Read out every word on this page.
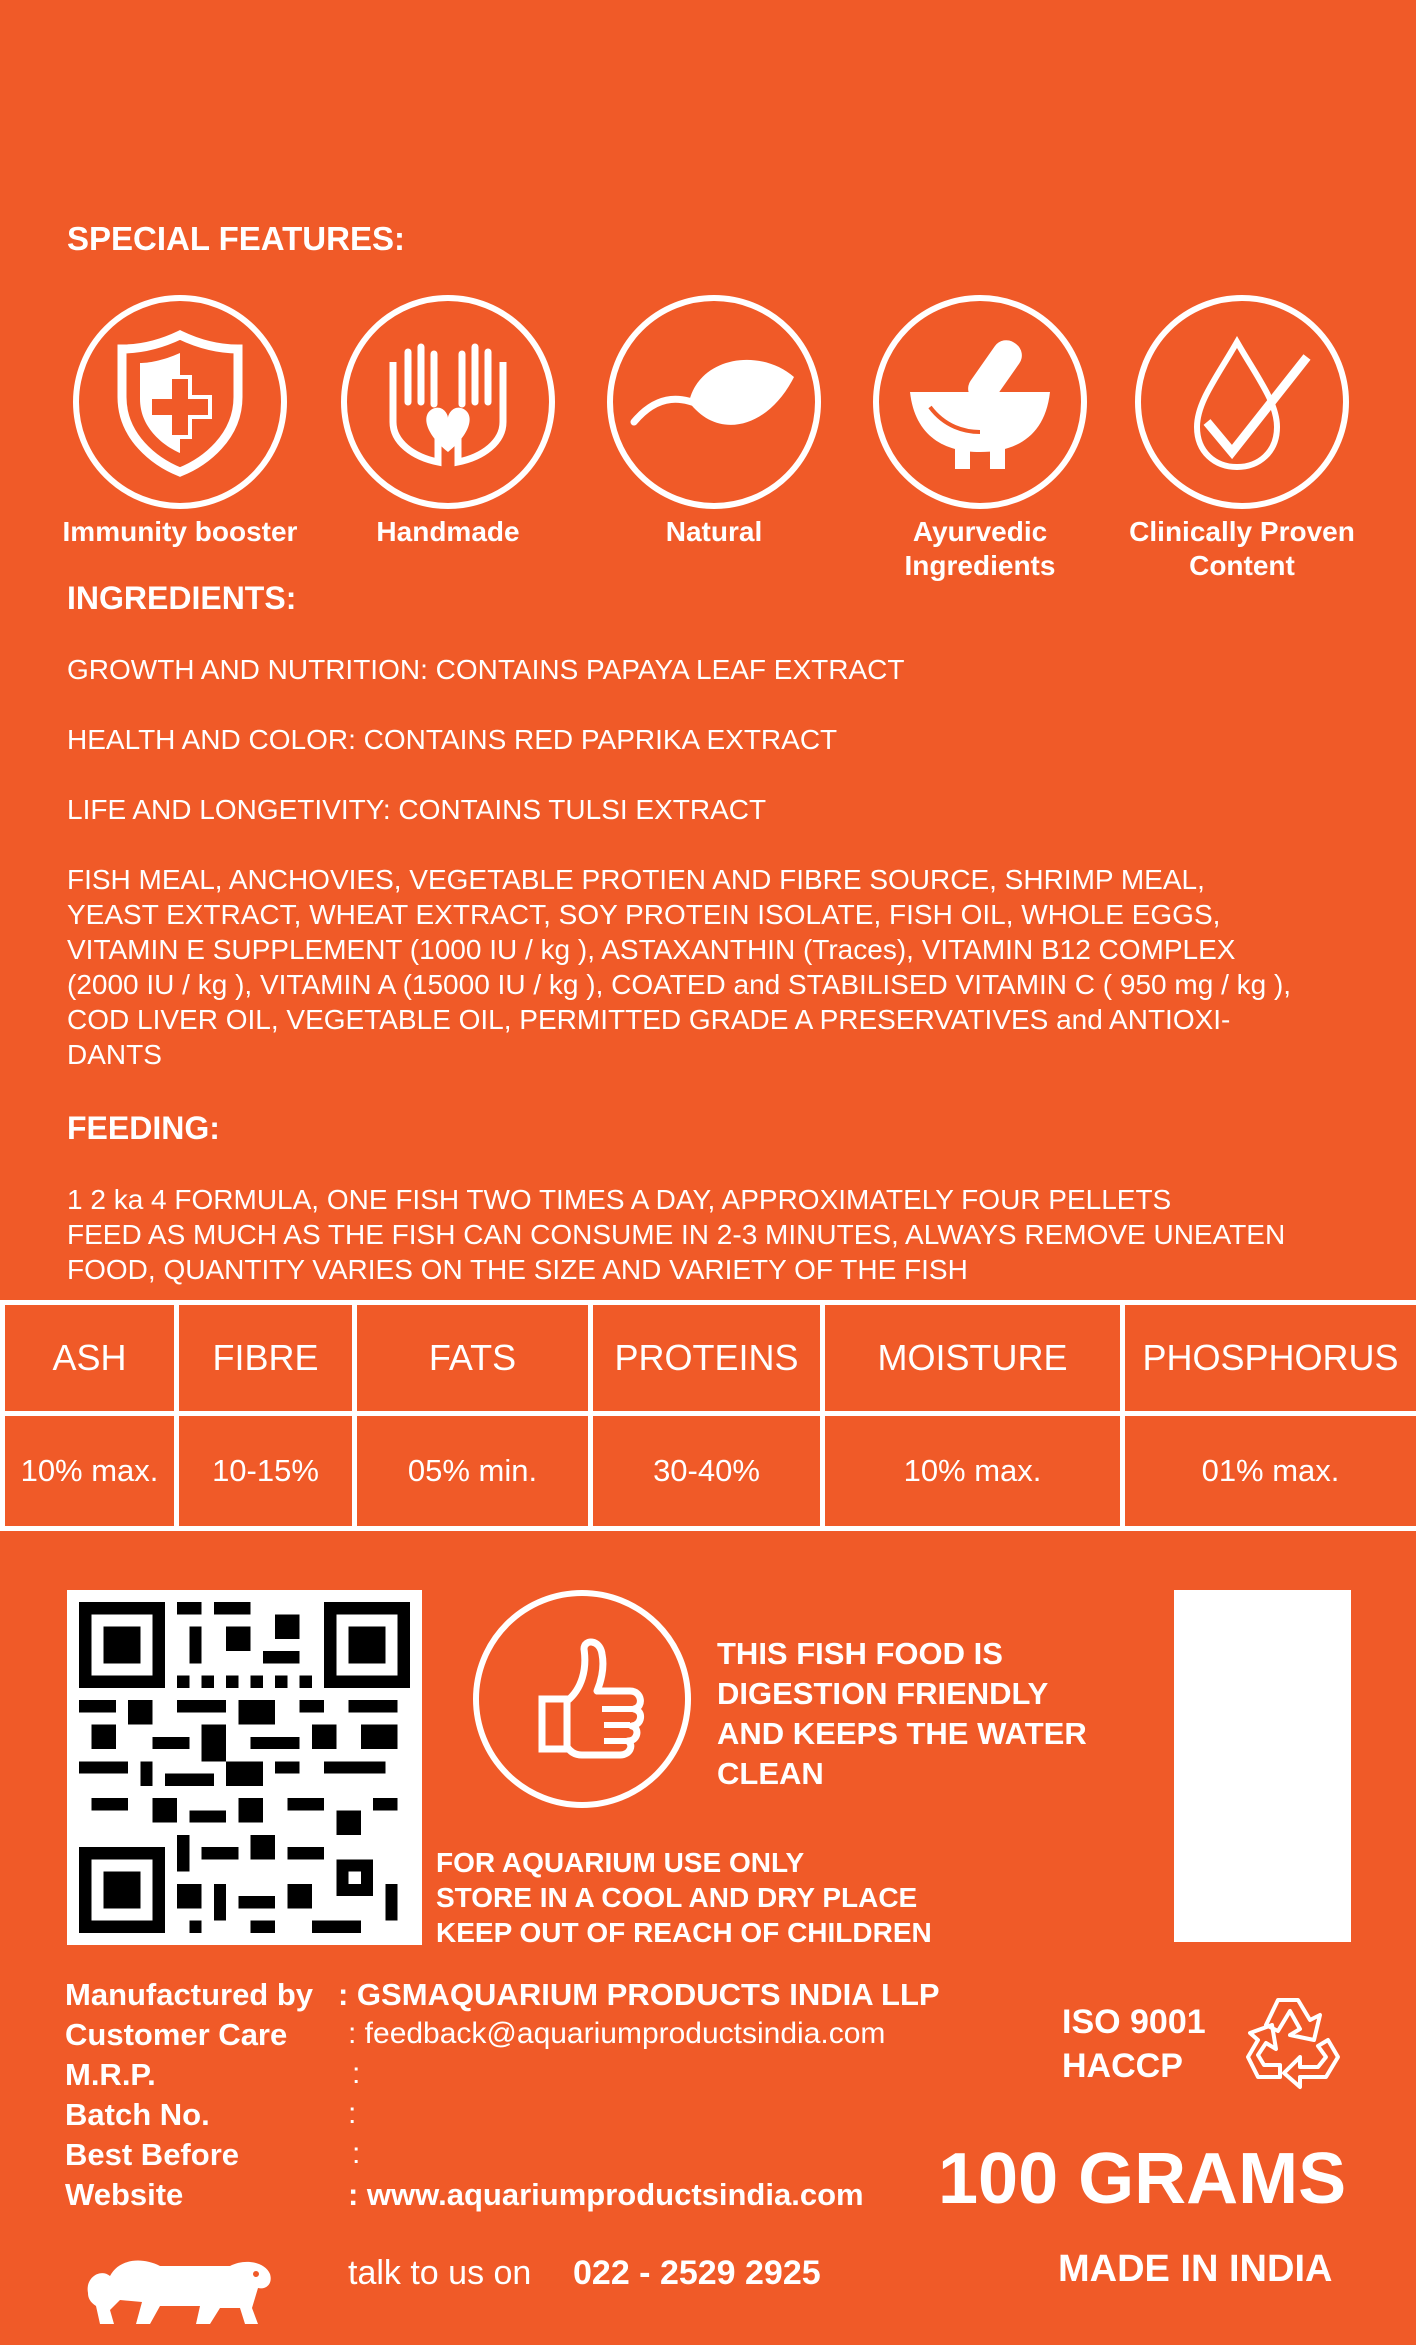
SPECIAL FEATURES:
Immunity booster	Handmade	Natural	Ayurvedic Ingredients
Clinically Proven Content
INGREDIENTS:
GROWTH AND NUTRITION: CONTAINS PAPAYA LEAF EXTRACT
HEALTH AND COLOR: CONTAINS RED PAPRIKA EXTRACT
LIFE AND LONGETIVITY: CONTAINS TULSI EXTRACT
FISH MEAL, ANCHOVIES, VEGETABLE PROTIEN AND FIBRE SOURCE, SHRIMP MEAL,
YEAST EXTRACT, WHEAT EXTRACT, SOY PROTEIN ISOLATE, FISH OIL, WHOLE EGGS,
VITAMIN E SUPPLEMENT (1000 IU / kg ), ASTAXANTHIN (Traces), VITAMIN B12 COMPLEX
(2000 IU / kg ), VITAMIN A (15000 IU / kg ), COATED and STABILISED VITAMIN C ( 950 mg / kg ),
COD LIVER OIL, VEGETABLE OIL, PERMITTED GRADE A PRESERVATIVES and ANTIOXI-
DANTS
FEEDING:
1 2 ka 4 FORMULA, ONE FISH TWO TIMES A DAY, APPROXIMATELY FOUR PELLETS
FEED AS MUCH AS THE FISH CAN CONSUME IN 2-3 MINUTES, ALWAYS REMOVE UNEATEN
FOOD, QUANTITY VARIES ON THE SIZE AND VARIETY OF THE FISH
ASH	FIBRE	FATS	PROTEINS	MOISTURE	PHOSPHORUS
10% max.	10-15%	05% min.	30-40%	10% max.	01% max.
THIS FISH FOOD IS
DIGESTION FRIENDLY
AND KEEPS THE WATER
CLEAN
FOR AQUARIUM USE ONLY
STORE IN A COOL AND DRY PLACE
KEEP OUT OF REACH OF CHILDREN
Manufactured by : GSMAQUARIUM PRODUCTS INDIA LLP
Customer Care : feedback@aquariumproductsindia.com
M.R.P.	:
Batch No.	:
Best Before	:
Website	: www.aquariumproductsindia.com
ISO 9001
HACCP
100 GRAMS
MADE IN INDIA
talk to us on 022 - 2529 2925
